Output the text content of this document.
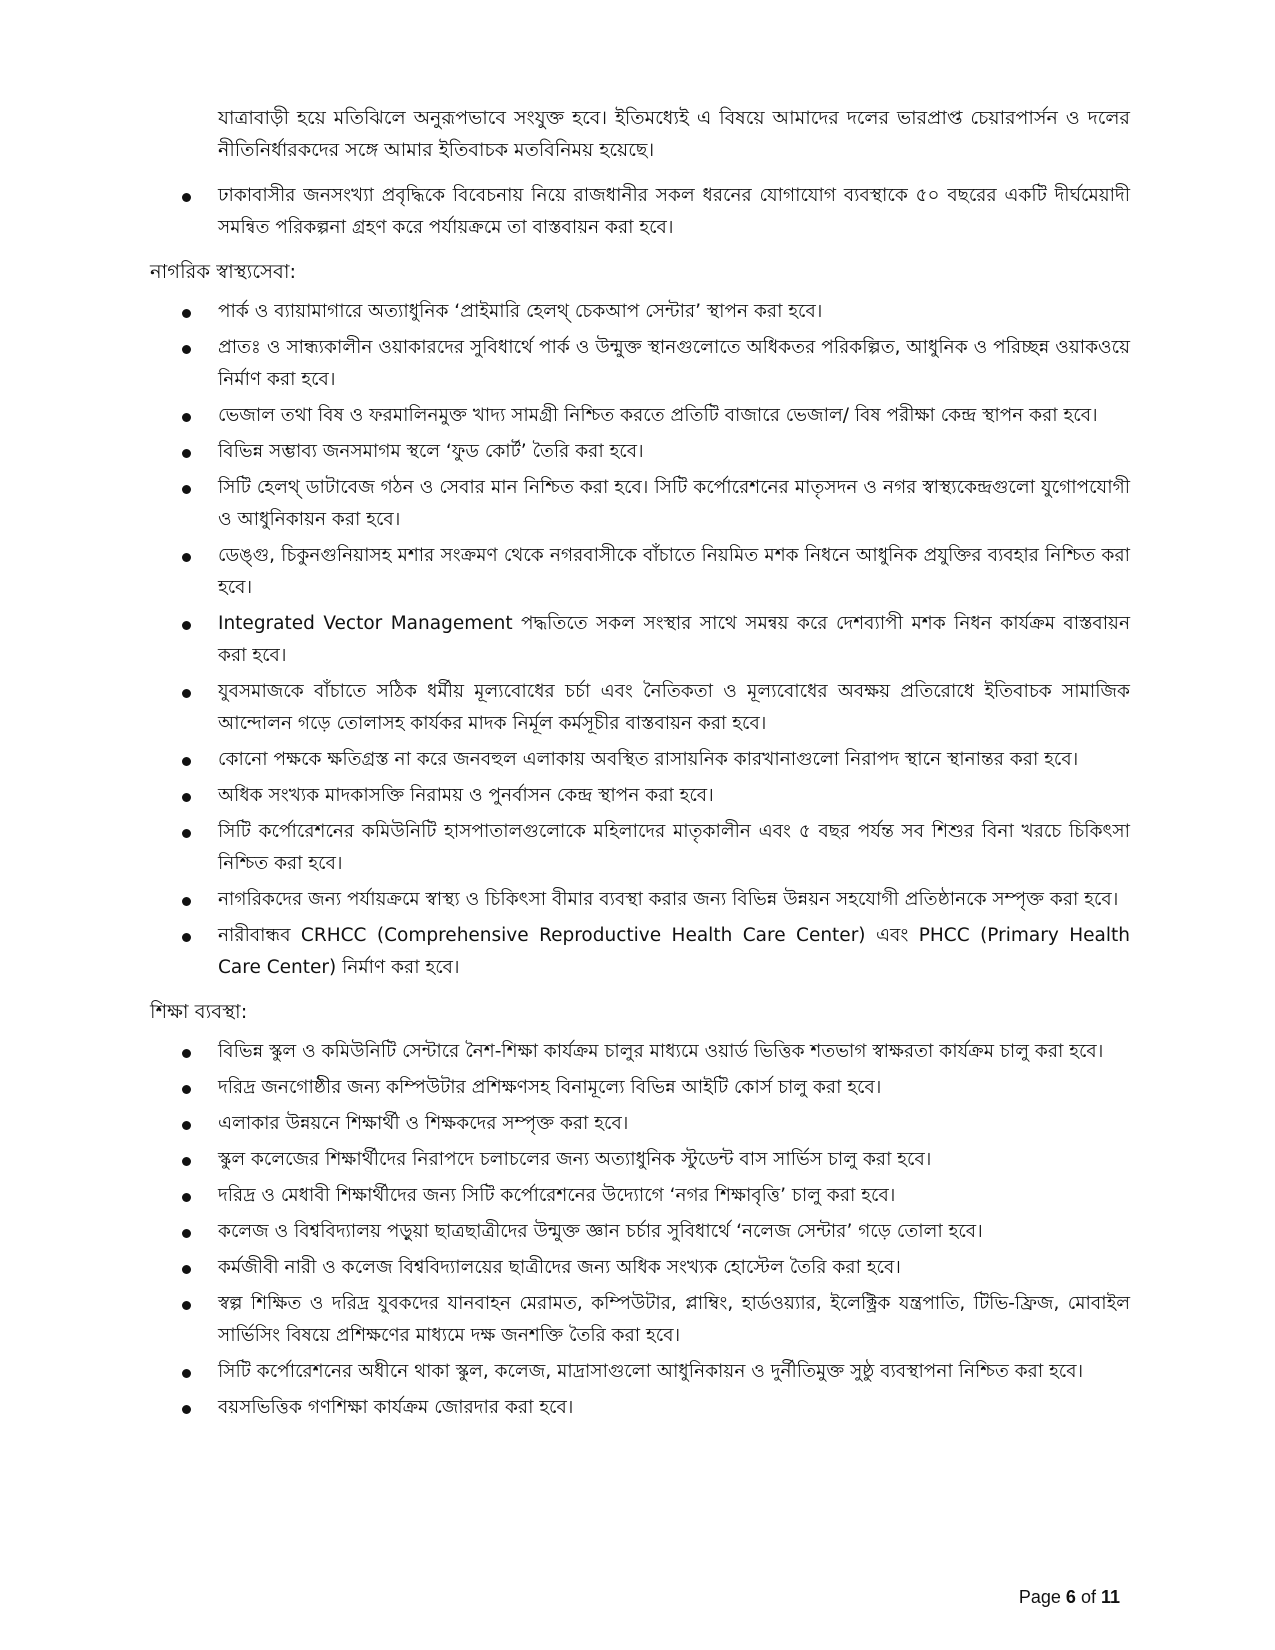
যাত্রাবাড়ী হয়ে মতিঝিলে অনুরূপভাবে সংযুক্ত হবে। ইতিমধ্যেই এ বিষয়ে আমাদের দলের ভারপ্রাপ্ত চেয়ারপার্সন ও দলের নীতিনির্ধারকদের সঙ্গে আমার ইতিবাচক মতবিনিময় হয়েছে।

ঢাকাবাসীর জনসংখ্যা প্রবৃদ্ধিকে বিবেচনায় নিয়ে রাজধানীর সকল ধরনের যোগাযোগ ব্যবস্থাকে ৫০ বছরের একটি দীর্ঘমেয়াদী সমন্বিত পরিকল্পনা গ্রহণ করে পর্যায়ক্রমে তা বাস্তবায়ন করা হবে।
নাগরিক স্বাস্থ্যসেবা:
পার্ক ও ব্যায়ামাগারে অত্যাধুনিক ‘প্রাইমারি হেলথ্ চেকআপ সেন্টার’ স্থাপন করা হবে।
প্রাতঃ ও সান্ধ্যকালীন ওয়াকারদের সুবিধার্থে পার্ক ও উন্মুক্ত স্থানগুলোতে অধিকতর পরিকল্পিত, আধুনিক ও পরিচ্ছন্ন ওয়াকওয়ে নির্মাণ করা হবে।
ভেজাল তথা বিষ ও ফরমালিনমুক্ত খাদ্য সামগ্রী নিশ্চিত করতে প্রতিটি বাজারে ভেজাল/ বিষ পরীক্ষা কেন্দ্র স্থাপন করা হবে।
বিভিন্ন সম্ভাব্য জনসমাগম স্থলে ‘ফুড কোর্ট’ তৈরি করা হবে।
সিটি হেলথ্ ডাটাবেজ গঠন ও সেবার মান নিশ্চিত করা হবে। সিটি কর্পোরেশনের মাতৃসদন ও নগর স্বাস্থ্যকেন্দ্রগুলো যুগোপযোগী ও আধুনিকায়ন করা হবে।
ডেঙ্গু, চিকুনগুনিয়াসহ মশার সংক্রমণ থেকে নগরবাসীকে বাঁচাতে নিয়মিত মশক নিধনে আধুনিক প্রযুক্তির ব্যবহার নিশ্চিত করা হবে।
Integrated Vector Management পদ্ধতিতে সকল সংস্থার সাথে সমন্বয় করে দেশব্যাপী মশক নিধন কার্যক্রম বাস্তবায়ন করা হবে।
যুবসমাজকে বাঁচাতে সঠিক ধর্মীয় মূল্যবোধের চর্চা এবং নৈতিকতা ও মূল্যবোধের অবক্ষয় প্রতিরোধে ইতিবাচক সামাজিক আন্দোলন গড়ে তোলাসহ কার্যকর মাদক নির্মূল কর্মসূচীর বাস্তবায়ন করা হবে।
কোনো পক্ষকে ক্ষতিগ্রস্ত না করে জনবহুল এলাকায় অবস্থিত রাসায়নিক কারখানাগুলো নিরাপদ স্থানে স্থানান্তর করা হবে।
অধিক সংখ্যক মাদকাসক্তি নিরাময় ও পুনর্বাসন কেন্দ্র স্থাপন করা হবে।
সিটি কর্পোরেশনের কমিউনিটি হাসপাতালগুলোকে মহিলাদের মাতৃকালীন এবং ৫ বছর পর্যন্ত সব শিশুর বিনা খরচে চিকিৎসা নিশ্চিত করা হবে।
নাগরিকদের জন্য পর্যায়ক্রমে স্বাস্থ্য ও চিকিৎসা বীমার ব্যবস্থা করার জন্য বিভিন্ন উন্নয়ন সহযোগী প্রতিষ্ঠানকে সম্পৃক্ত করা হবে।
নারীবান্ধব CRHCC (Comprehensive Reproductive Health Care Center) এবং PHCC (Primary Health Care Center) নির্মাণ করা হবে।
শিক্ষা ব্যবস্থা:
বিভিন্ন স্কুল ও কমিউনিটি সেন্টারে নৈশ-শিক্ষা কার্যক্রম চালুর মাধ্যমে ওয়ার্ড ভিত্তিক শতভাগ স্বাক্ষরতা কার্যক্রম চালু করা হবে।
দরিদ্র জনগোষ্ঠীর জন্য কম্পিউটার প্রশিক্ষণসহ বিনামূল্যে বিভিন্ন আইটি কোর্স চালু করা হবে।
এলাকার উন্নয়নে শিক্ষার্থী ও শিক্ষকদের সম্পৃক্ত করা হবে।
স্কুল কলেজের শিক্ষার্থীদের নিরাপদে চলাচলের জন্য অত্যাধুনিক স্টুডেন্ট বাস সার্ভিস চালু করা হবে।
দরিদ্র ও মেধাবী শিক্ষার্থীদের জন্য সিটি কর্পোরেশনের উদ্যোগে ‘নগর শিক্ষাবৃত্তি’ চালু করা হবে।
কলেজ ও বিশ্ববিদ্যালয় পড়ুয়া ছাত্রছাত্রীদের উন্মুক্ত জ্ঞান চর্চার সুবিধার্থে ‘নলেজ সেন্টার’ গড়ে তোলা হবে।
কর্মজীবী নারী ও কলেজ বিশ্ববিদ্যালয়ের ছাত্রীদের জন্য অধিক সংখ্যক হোস্টেল তৈরি করা হবে।
স্বল্প শিক্ষিত ও দরিদ্র যুবকদের যানবাহন মেরামত, কম্পিউটার, প্লাম্বিং, হার্ডওয়্যার, ইলেক্ট্রিক যন্ত্রপাতি, টিভি-ফ্রিজ, মোবাইল সার্ভিসিং বিষয়ে প্রশিক্ষণের মাধ্যমে দক্ষ জনশক্তি তৈরি করা হবে।
সিটি কর্পোরেশনের অধীনে থাকা স্কুল, কলেজ, মাদ্রাসাগুলো আধুনিকায়ন ও দুর্নীতিমুক্ত সুষ্ঠু ব্যবস্থাপনা নিশ্চিত করা হবে।
বয়সভিত্তিক গণশিক্ষা কার্যক্রম জোরদার করা হবে।
Page 6 of 11
